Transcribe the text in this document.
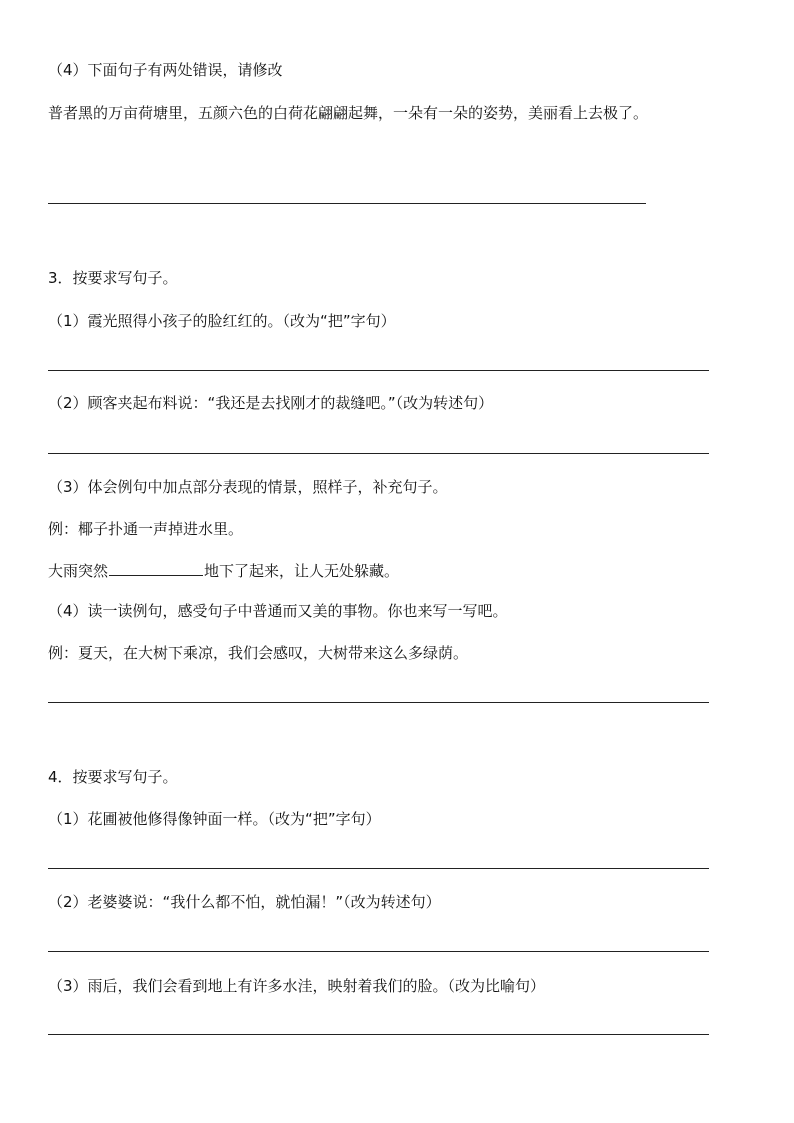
（4）下面句子有两处错误，请修改
普者黑的万亩荷塘里，五颜六色的白荷花翩翩起舞，一朵有一朵的姿势，美丽看上去极了。
3．按要求写句子。
（1）霞光照得小孩子的脸红红的。（改为“把”字句）
（2）顾客夹起布料说：“我还是去找刚才的裁缝吧。”（改为转述句）
（3）体会例句中加点部分表现的情景，照样子，补充句子。
例：椰子扑通一声掉进水里。
大雨突然	地下了起来，让人无处躲藏。
（4）读一读例句，感受句子中普通而又美的事物。你也来写一写吧。
例：夏天，在大树下乘凉，我们会感叹，大树带来这么多绿荫。
4．按要求写句子。
（1）花圃被他修得像钟面一样。（改为“把”字句）
（2）老婆婆说：“我什么都不怕，就怕漏！”（改为转述句）
（3）雨后，我们会看到地上有许多水洼，映射着我们的脸。（改为比喻句）
